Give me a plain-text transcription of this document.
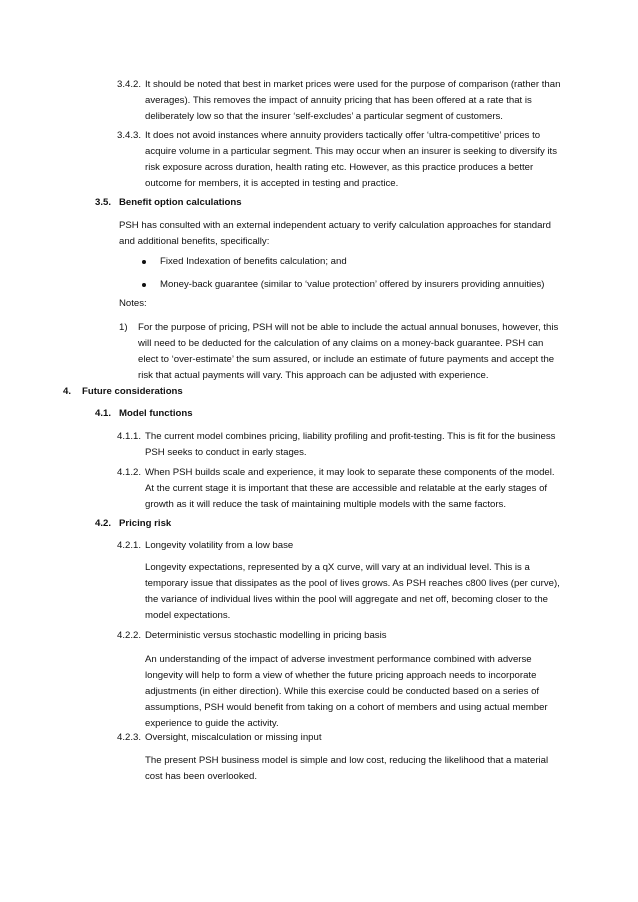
3.4.2. It should be noted that best in market prices were used for the purpose of comparison (rather than averages). This removes the impact of annuity pricing that has been offered at a rate that is deliberately low so that the insurer ‘self-excludes’ a particular segment of customers.
3.4.3. It does not avoid instances where annuity providers tactically offer ‘ultra-competitive’ prices to acquire volume in a particular segment. This may occur when an insurer is seeking to diversify its risk exposure across duration, health rating etc. However, as this practice produces a better outcome for members, it is accepted in testing and practice.
3.5. Benefit option calculations
PSH has consulted with an external independent actuary to verify calculation approaches for standard and additional benefits, specifically:
Fixed Indexation of benefits calculation; and
Money-back guarantee (similar to ‘value protection’ offered by insurers providing annuities)
Notes:
1) For the purpose of pricing, PSH will not be able to include the actual annual bonuses, however, this will need to be deducted for the calculation of any claims on a money-back guarantee. PSH can elect to ‘over-estimate’ the sum assured, or include an estimate of future payments and accept the risk that actual payments will vary. This approach can be adjusted with experience.
4. Future considerations
4.1. Model functions
4.1.1. The current model combines pricing, liability profiling and profit-testing. This is fit for the business PSH seeks to conduct in early stages.
4.1.2. When PSH builds scale and experience, it may look to separate these components of the model. At the current stage it is important that these are accessible and relatable at the early stages of growth as it will reduce the task of maintaining multiple models with the same factors.
4.2. Pricing risk
4.2.1. Longevity volatility from a low base
Longevity expectations, represented by a qX curve, will vary at an individual level. This is a temporary issue that dissipates as the pool of lives grows. As PSH reaches c800 lives (per curve), the variance of individual lives within the pool will aggregate and net off, becoming closer to the model expectations.
4.2.2. Deterministic versus stochastic modelling in pricing basis
An understanding of the impact of adverse investment performance combined with adverse longevity will help to form a view of whether the future pricing approach needs to incorporate adjustments (in either direction). While this exercise could be conducted based on a series of assumptions, PSH would benefit from taking on a cohort of members and using actual member experience to guide the activity.
4.2.3. Oversight, miscalculation or missing input
The present PSH business model is simple and low cost, reducing the likelihood that a material cost has been overlooked.
